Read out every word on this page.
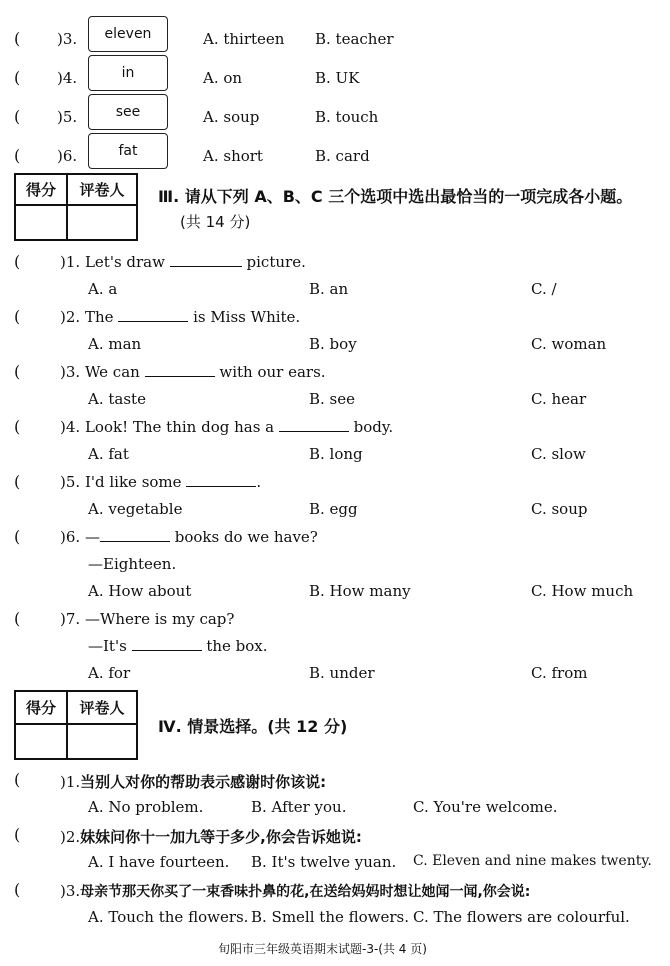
( )3.	eleven	A. thirteen B. teacher
( )4.	in	A. on	B. UK
( )5.	see	A. soup	B. touch
( )6.	fat	A. short	B. card
得分	评卷人
	Ⅲ. 请从下列 A、B、C 三个选项中选出最恰当的一项完成各小题。
(共 14 分)
(	)1. Let's draw	picture.
A. a	B. an	C. /
(	)2. The	is Miss White.
A. man	B. boy	C. woman
(	)3. We can	with our ears.
A. taste	B. see	C. hear
(	)4. Look! The thin dog has a	body.
A. fat	B. long	C. slow
(	)5. I'd like some	.
A. vegetable	B. egg	C. soup
(	)6. —	books do we have?
—Eighteen.
A. How about	B. How many	C. How much
(	)7. —Where is my cap?
—It's	the box.
A. for	B. under	C. from
得分	评卷人

Ⅳ. 情景选择。(共 12 分)
(	)1.当别人对你的帮助表示感谢时你该说:
A. No problem.	B. After you.	C. You're welcome.
(	)2.妹妹问你十一加九等于多少,你会告诉她说:
A. I have fourteen. B. It's twelve yuan. C. Eleven and nine makes twenty.
(	)3.母亲节那天你买了一束香味扑鼻的花,在送给妈妈时想让她闻一闻,你会说:
A. Touch the flowers. B. Smell the flowers. C. The flowers are colourful.
旬阳市三年级英语期末试题-3-(共 4 页)
